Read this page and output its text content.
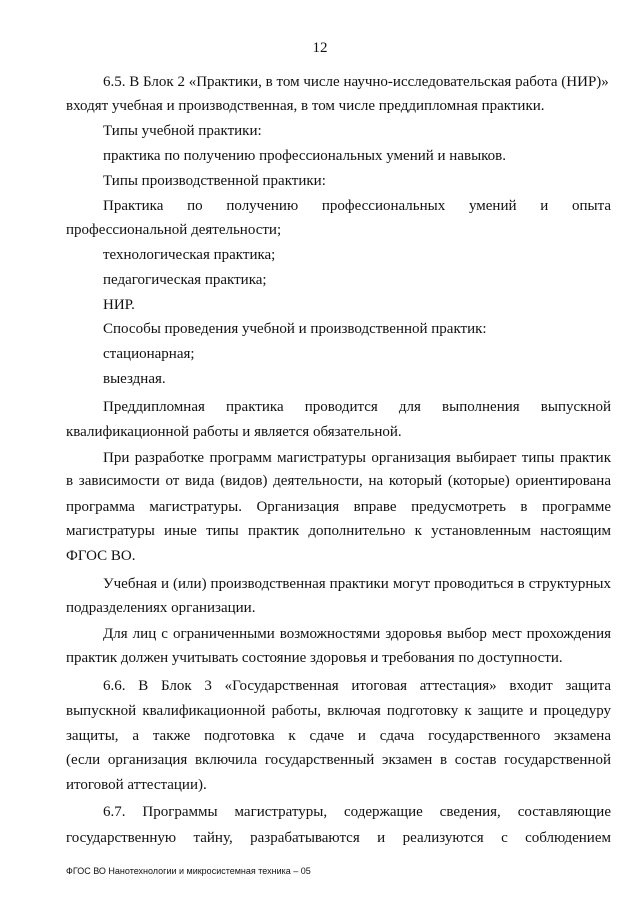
12
6.5. В Блок 2 «Практики, в том числе научно-исследовательская работа (НИР)»
входят учебная и производственная, в том числе преддипломная практики.
Типы учебной практики:
практика по получению профессиональных умений и навыков.
Типы производственной практики:
Практика по получению профессиональных умений и опыта
профессиональной деятельности;
технологическая практика;
педагогическая практика;
НИР.
Способы проведения учебной и производственной практик:
стационарная;
выездная.
Преддипломная практика проводится для выполнения выпускной
квалификационной работы и является обязательной.
При разработке программ магистратуры организация выбирает типы практик
в зависимости от вида (видов) деятельности, на который (которые) ориентирована
программа магистратуры. Организация вправе предусмотреть в программе
магистратуры иные типы практик дополнительно к установленным настоящим
ФГОС ВО.
Учебная и (или) производственная практики могут проводиться в структурных
подразделениях организации.
Для лиц с ограниченными возможностями здоровья выбор мест прохождения
практик должен учитывать состояние здоровья и требования по доступности.
6.6. В Блок 3 «Государственная итоговая аттестация» входит защита
выпускной квалификационной работы, включая подготовку к защите и процедуру
защиты, а также подготовка к сдаче и сдача государственного экзамена
(если организация включила государственный экзамен в состав государственной
итоговой аттестации).
6.7. Программы магистратуры, содержащие сведения, составляющие
государственную тайну, разрабатываются и реализуются с соблюдением
ФГОС ВО Нанотехнологии и микросистемная техника – 05
